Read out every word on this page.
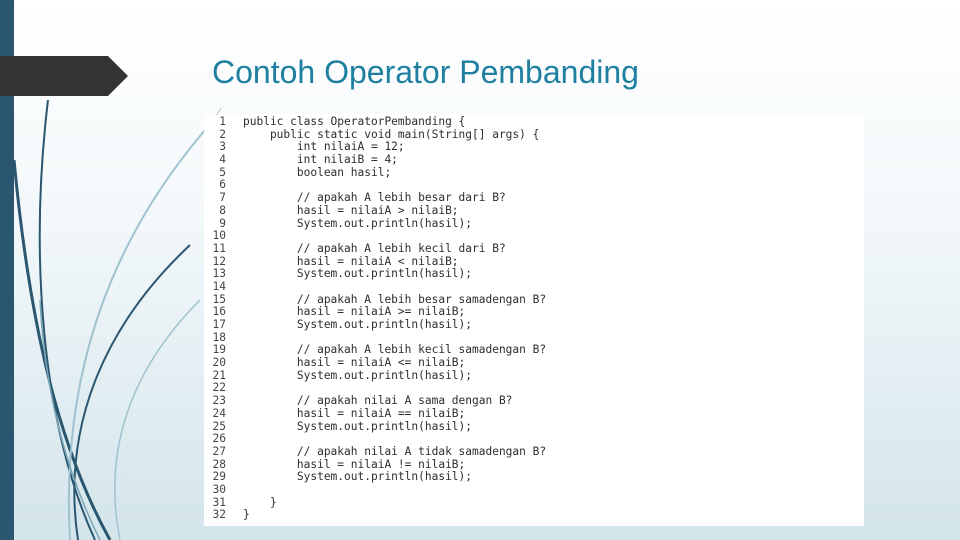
Contoh Operator Pembanding
⁄
1 public class OperatorPembanding {
2    public static void main(String[] args) {
3        int nilaiA = 12;
4        int nilaiB = 4;
5        boolean hasil;
6
7        // apakah A lebih besar dari B?
8        hasil = nilaiA > nilaiB;
9        System.out.println(hasil);
10
11        // apakah A lebih kecil dari B?
12        hasil = nilaiA < nilaiB;
13        System.out.println(hasil);
14
15        // apakah A lebih besar samadengan B?
16        hasil = nilaiA >= nilaiB;
17        System.out.println(hasil);
18
19        // apakah A lebih kecil samadengan B?
20        hasil = nilaiA <= nilaiB;
21        System.out.println(hasil);
22
23        // apakah nilai A sama dengan B?
24        hasil = nilaiA == nilaiB;
25        System.out.println(hasil);
26
27        // apakah nilai A tidak samadengan B?
28        hasil = nilaiA != nilaiB;
29        System.out.println(hasil);
30
31    }
32 }
